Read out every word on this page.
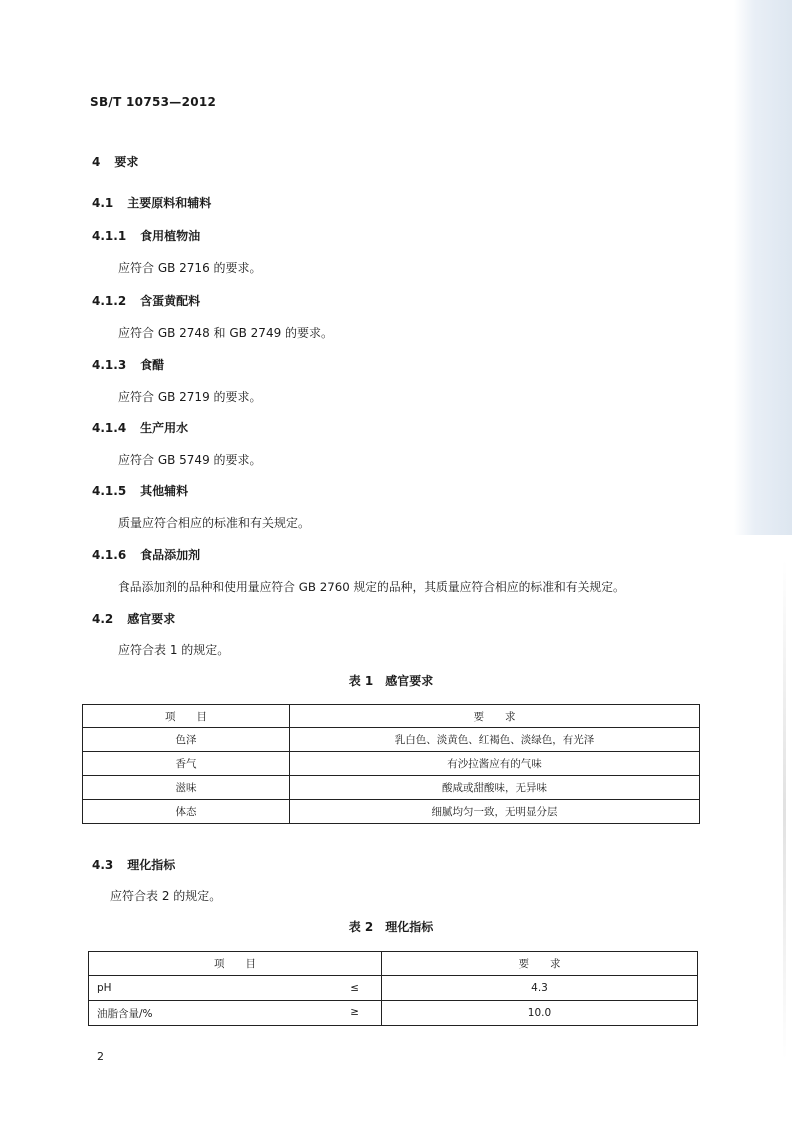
SB/T 10753—2012
4 要求
4.1 主要原料和辅料
4.1.1 食用植物油
应符合 GB 2716 的要求。
4.1.2 含蛋黄配料
应符合 GB 2748 和 GB 2749 的要求。
4.1.3 食醋
应符合 GB 2719 的要求。
4.1.4 生产用水
应符合 GB 5749 的要求。
4.1.5 其他辅料
质量应符合相应的标准和有关规定。
4.1.6 食品添加剂
食品添加剂的品种和使用量应符合 GB 2760 规定的品种，其质量应符合相应的标准和有关规定。
4.2 感官要求
应符合表 1 的规定。
表 1　感官要求
项　　目	要　　求
色泽	乳白色、淡黄色、红褐色、淡绿色，有光泽
香气	有沙拉酱应有的气味
滋味	酸咸或甜酸味，无异味
体态	细腻均匀一致，无明显分层
4.3 理化指标
应符合表 2 的规定。
表 2　理化指标
项　　目	要　　求
pH ≤	4.3
油脂含量/% ≥	10.0
2
